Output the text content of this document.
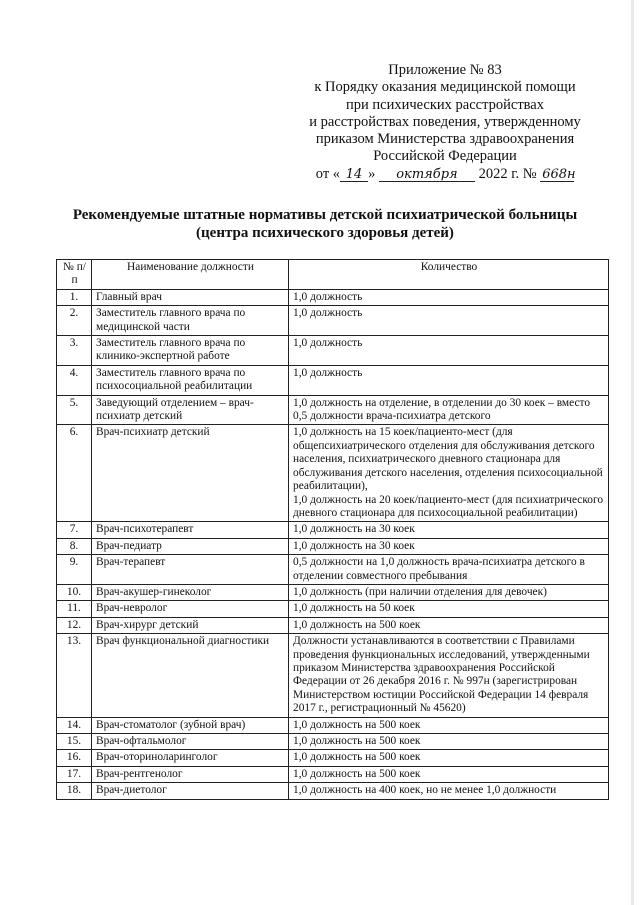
Приложение № 83
к Порядку оказания медицинской помощи
при психических расстройствах
и расстройствах поведения, утвержденному
приказом Министерства здравоохранения
Российской Федерации
от « 14 » октября 2022 г. № 668н
Рекомендуемые штатные нормативы детской психиатрической больницы
(центра психического здоровья детей)
№ п/п	Наименование должности	Количество
1.	Главный врач	1,0 должность

2.	Заместитель главного врача по медицинской части	1,0 должность

3.	Заместитель главного врача по клинико-экспертной работе	1,0 должность

4.	Заместитель главного врача по психосоциальной реабилитации	1,0 должность

5.	Заведующий отделением – врач-психиатр детский	1,0 должность на отделение, в отделении до 30 коек – вместо 0,5 должности врача-психиатра детского

6.	Врач-психиатр детский	1,0 должность на 15 коек/пациенто-мест (для общепсихиатрического отделения для обслуживания детского населения, психиатрического дневного стационара для обслуживания детского населения, отделения психосоциальной реабилитации),
1,0 должность на 20 коек/пациенто-мест (для психиатрического дневного стационара для психосоциальной реабилитации)

7.	Врач-психотерапевт	1,0 должность на 30 коек

8.	Врач-педиатр	1,0 должность на 30 коек

9.	Врач-терапевт	0,5 должности на 1,0 должность врача-психиатра детского в отделении совместного пребывания

10.	Врач-акушер-гинеколог	1,0 должность (при наличии отделения для девочек)

11.	Врач-невролог	1,0 должность на 50 коек

12.	Врач-хирург детский	1,0 должность на 500 коек

13.	Врач функциональной диагностики	Должности устанавливаются в соответствии с Правилами проведения функциональных исследований, утвержденными приказом Министерства здравоохранения Российской Федерации от 26 декабря 2016 г. № 997н (зарегистрирован Министерством юстиции Российской Федерации 14 февраля 2017 г., регистрационный № 45620)

14.	Врач-стоматолог (зубной врач)	1,0 должность на 500 коек

15.	Врач-офтальмолог	1,0 должность на 500 коек

16.	Врач-оториноларинголог	1,0 должность на 500 коек

17.	Врач-рентгенолог	1,0 должность на 500 коек

18.	Врач-диетолог	1,0 должность на 400 коек, но не менее 1,0 должности
